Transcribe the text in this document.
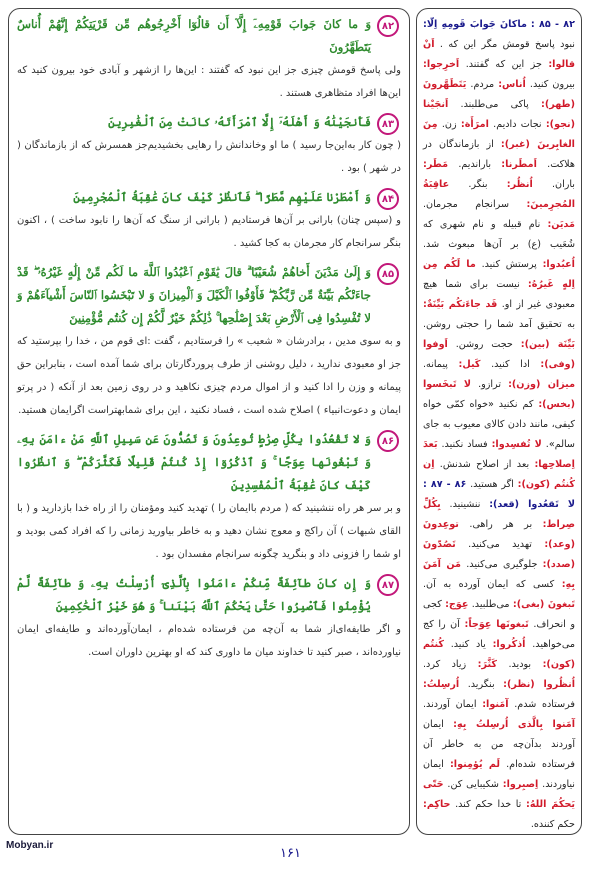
۸۲
وَ ما كانَ جَوابَ قَوْمِهِۦٓ إِلَّآ أَن قالُوٓا أَخْرِجُوهُم مِّن قَرْيَتِكُمْ إِنَّهُمْ أُناسٌ يَتَطَهَّرُونَ
ولی پاسخ قومش چیزی جز این نبود که گفتند : این‌ها را ازشهر و آبادی خود بیرون کنید که این‌ها افراد متظاهری هستند .
۸۳
فَأَنجَيْنَٰهُ وَ أَهْلَهُۥٓ إِلَّا ٱمْرَأَتَهُۥ كانَتْ مِنَ ٱلْغَٰبِرِينَ
( چون کار به‌این‌جا رسید ) ما او وخاندانش را رهایی بخشیدیم‌جز همسرش که از بازماندگان ( در شهر ) بود .
۸۴
وَ أَمْطَرْنا عَلَيْهِم مَّطَرًا ۖ فَٱنظُرْ كَيْفَ كانَ عَٰقِبَةُ ٱلْمُجْرِمِينَ
و (سپس چنان) بارانی بر آن‌ها فرستادیم ( بارانی از سنگ که آن‌ها را نابود ساخت ) ، اکنون بنگر سرانجام کار مجرمان به کجا کشید .
۸۵
وَ إِلَىٰ مَدْيَنَ أَخاهُمْ شُعَيْبًا ۗ قالَ يَٰقَوْمِ ٱعْبُدُوا ٱللَّهَ ما لَكُم مِّنْ إِلَٰهٍ غَيْرُهُۥ ۖ قَدْ جاءَتْكُم بَيِّنَةٌ مِّن رَّبِّكُمْ ۖ فَأَوْفُوا ٱلْكَيْلَ وَ ٱلْمِيزانَ وَ لا تَبْخَسُوا ٱلنّاسَ أَشْيآءَهُمْ وَ لا تُفْسِدُوا فِى ٱلْأَرْضِ بَعْدَ إِصْلَٰحِها ۚ ذَٰلِكُمْ خَيْرٌ لَّكُمْ إِن كُنتُم مُّؤْمِنِينَ
و به سوی مدین ، برادرشان « شعیب » را فرستادیم ، گفت :ای قوم من ، خدا را بپرستید که جز او معبودی ندارید ، دلیل روشنی از طرف پروردگارتان برای شما آمده است ، بنابراین حق پیمانه و وزن را ادا کنید و از اموال مردم چیزی نکاهید و در روی زمین بعد از آنکه ( در پرتو ایمان و دعوت‌انبیاء ) اصلاح شده است ، فساد نکنید ، این برای شمابهتراست اگرایمان هستید.
۸۶
وَ لا تَقْعُدُوا بِكُلِّ صِرَٰطٍ تُوعِدُونَ وَ تَصُدُّونَ عَن سَبِيلِ ٱللَّهِ مَنْ ءامَنَ بِهِۦ وَ تَبْغُونَها عِوَجًا ۚ وَ ٱذْكُرُوٓا إِذْ كُنتُمْ قَلِيلًا فَكَثَّرَكُمْ ۖ وَ ٱنظُرُوا كَيْفَ كانَ عَٰقِبَةُ ٱلْمُفْسِدِينَ
و بر سر هر راه ننشینید که ( مردم باایمان را ) تهدید کنید ومؤمنان را از راه خدا بازدارید و ( با القای شبهات ) آن راکج و معوج نشان دهید و به خاطر بیاورید زمانی را که افراد کمی بودید و او شما را فزونی داد و بنگرید چگونه سرانجام مفسدان بود .
۸۷
وَ إِن كانَ طآئِفَةٌ مِّنكُمْ ءامَنُوا بِٱلَّذِىٓ أُرْسِلْتُ بِهِۦ وَ طآئِفَةٌ لَّمْ يُؤْمِنُوا فَٱصْبِرُوا حَتَّىٰ يَحْكُمَ ٱللَّهُ بَيْنَنا ۚ وَ هُوَ خَيْرُ ٱلْحَٰكِمِينَ
و اگر طایفه‌ای‌از شما به آن‌چه من فرستاده شده‌ام ، ایمان‌آورده‌اند و طایفه‌ای ایمان نیاورده‌اند ، صبر کنید تا خداوند میان ما داوری کند که او بهترین داوران است.
۸۲ - ۸۵ : ماكانَ جَوابَ قَومِهِ اِلّا: نبود پاسخ قومش مگر این که . اَنْ قالوا: جز این که گفتند. اَخرِجوا: بیرون کنید. اُناس: مردم. یَتَطَهَّرونَ (طهر): پاکی می‌طلبند. اَنجَیْنا (نجو): نجات دادیم. امرَأَة: زن. مِنَ الغابِرینَ (غبر): از بازماندگان در هلاکت. اَمطَرنا: باراندیم. مَطَر: باران. اُنظُر: بنگر. عاقِبَةُ المُجرِمینَ: سرانجام مجرمان. مَدیَن: نام قبیله و نام شهری که شُعَیب (ع) بر آن‌ها مبعوث شد. اُعبُدوا: پرستش کنید. ما لَكُم مِن اِلهٍ غَیرُهُ: نیست برای شما هیچ معبودی غیر از او. قَد جاءَتكُم بَیِّنَةٌ: به تحقیق آمد شما را حجتی روشن. بَیِّنَة (بین): حجت روشن. اَوفوا (وفی): ادا کنید. كَیل: پیمانه. میزان (وزن): ترازو. لا تَبخَسوا (بخس): کم نکنید «خواه کمّی خواه کیفی، مانند دادن کالای معیوب به جای سالم». لا تُفسِدوا: فساد نکنید. بَعدَ اِصلاحِها: بعد از اصلاح شدنش. اِن كُنتُم (كون): اگر هستید. ۸۶ - ۸۷ : لا تَقعُدوا (قعد): ننشینید. بِكُلِّ صِراط: بر هر راهی. توعِدونَ (وعد): تهدید می‌کنید. تَصُدّونَ (صدد): جلوگیری می‌کنید. مَن آمَنَ بِهِ: کسی که ایمان آورده به آن. تَبغونَ (بغی): می‌طلبید. عِوَج: کجی و انحراف. تَبغونَها عِوَجاً: آن را کج می‌خواهید. اُذكُروا: یاد کنید. كُنتُم (كون): بودید. كَثَّرَ: زیاد کرد. اُنظُروا (نظر): بنگرید. اُرسِلتُ: فرستاده شدم. آمَنوا: ایمان آوردند. آمَنوا بِالَّذی اُرسِلتُ بِهِ: ایمان آوردند بدآن‌چه من به خاطر آن فرستاده شده‌ام. لَم یُؤمِنوا: ایمان نیاوردند. اِصبِروا: شکیبایی کن. حَتّی یَحكُمَ اللهُ: تا خدا حکم کند. حاكِم: حکم کننده.
Mobyan.ir
۱۶۱
